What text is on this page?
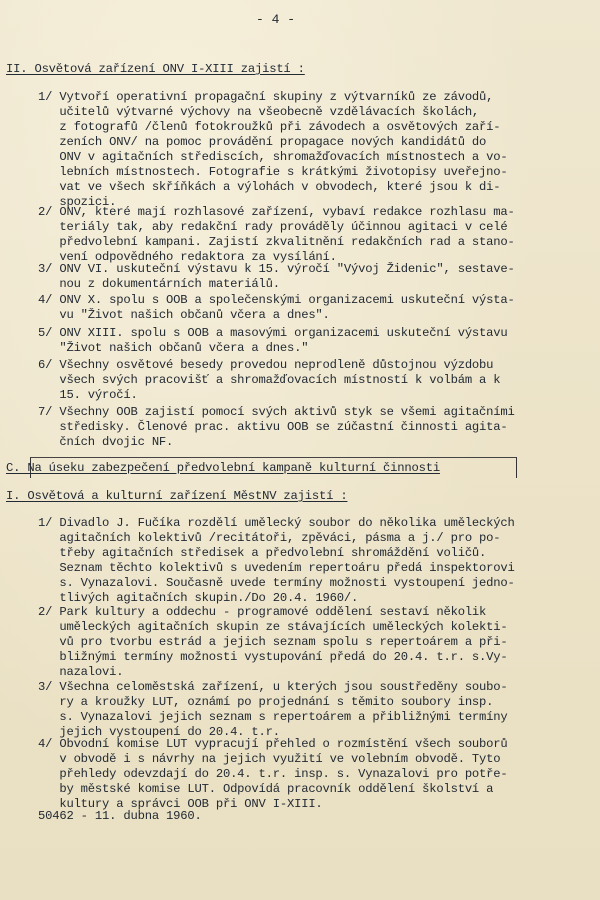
- 4 -
II. Osvětová zařízení ONV I-XIII zajistí :
1/ Vytvoří operativní propagační skupiny z výtvarníků ze závodů,
učitelů výtvarné výchovy na všeobecně vzdělávacích školách,
z fotografů /členů fotokroužků při závodech a osvětových zaří-
zeních ONV/ na pomoc provádění propagace nových kandidátů do
ONV v agitačních střediscích, shromažďovacích místnostech a vo-
lebních místnostech. Fotografie s krátkými životopisy uveřejno-
vat ve všech skříňkách a výlohách v obvodech, které jsou k di-
spozici.
2/ ONV, které mají rozhlasové zařízení, vybaví redakce rozhlasu ma-
teriály tak, aby redakční rady prováděly účinnou agitaci v celé
předvolební kampani. Zajistí zkvalitnění redakčních rad a stano-
vení odpovědného redaktora za vysílání.
3/ ONV VI. uskuteční výstavu k 15. výročí "Vývoj Židenic", sestave-
nou z dokumentárních materiálů.
4/ ONV X. spolu s OOB a společenskými organizacemi uskuteční výsta-
vu "Život našich občanů včera a dnes".
5/ ONV XIII. spolu s OOB a masovými organizacemi uskuteční výstavu
"Život našich občanů včera a dnes."
6/ Všechny osvětové besedy provedou neprodleně důstojnou výzdobu
všech svých pracovišť a shromažďovacích místností k volbám a k
15. výročí.
7/ Všechny OOB zajistí pomocí svých aktivů styk se všemi agitačními
středisky. Členové prac. aktivu OOB se zúčastní činnosti agita-
čních dvojic NF.
C. Na úseku zabezpečení předvolební kampaně kulturní činnosti
I. Osvětová a kulturní zařízení MěstNV zajistí :
1/ Divadlo J. Fučíka rozdělí umělecký soubor do několika uměleckých
agitačních kolektivů /recitátoři, zpěváci, pásma a j./ pro po-
třeby agitačních středisek a předvolební shromáždění voličů.
Seznam těchto kolektivů s uvedením repertoáru předá inspektorovi
s. Vynazalovi. Současně uvede termíny možnosti vystoupení jedno-
tlivých agitačních skupin./Do 20.4. 1960/.
2/ Park kultury a oddechu - programové oddělení sestaví několik
uměleckých agitačních skupin ze stávajících uměleckých kolekti-
vů pro tvorbu estrád a jejich seznam spolu s repertoárem a při-
bližnými termíny možnosti vystupování předá do 20.4. t.r. s.Vy-
nazalovi.
3/ Všechna celoměstská zařízení, u kterých jsou soustředěny soubo-
ry a kroužky LUT, oznámí po projednání s těmito soubory insp.
s. Vynazalovi jejich seznam s repertoárem a přibližnými termíny
jejich vystoupení do 20.4. t.r.
4/ Obvodní komise LUT vypracují přehled o rozmístění všech souborů
v obvodě i s návrhy na jejich využití ve volebním obvodě. Tyto
přehledy odevzdají do 20.4. t.r. insp. s. Vynazalovi pro potře-
by městské komise LUT. Odpovídá pracovník oddělení školství a
kultury a správci OOB při ONV I-XIII.
50462 - 11. dubna 1960.
